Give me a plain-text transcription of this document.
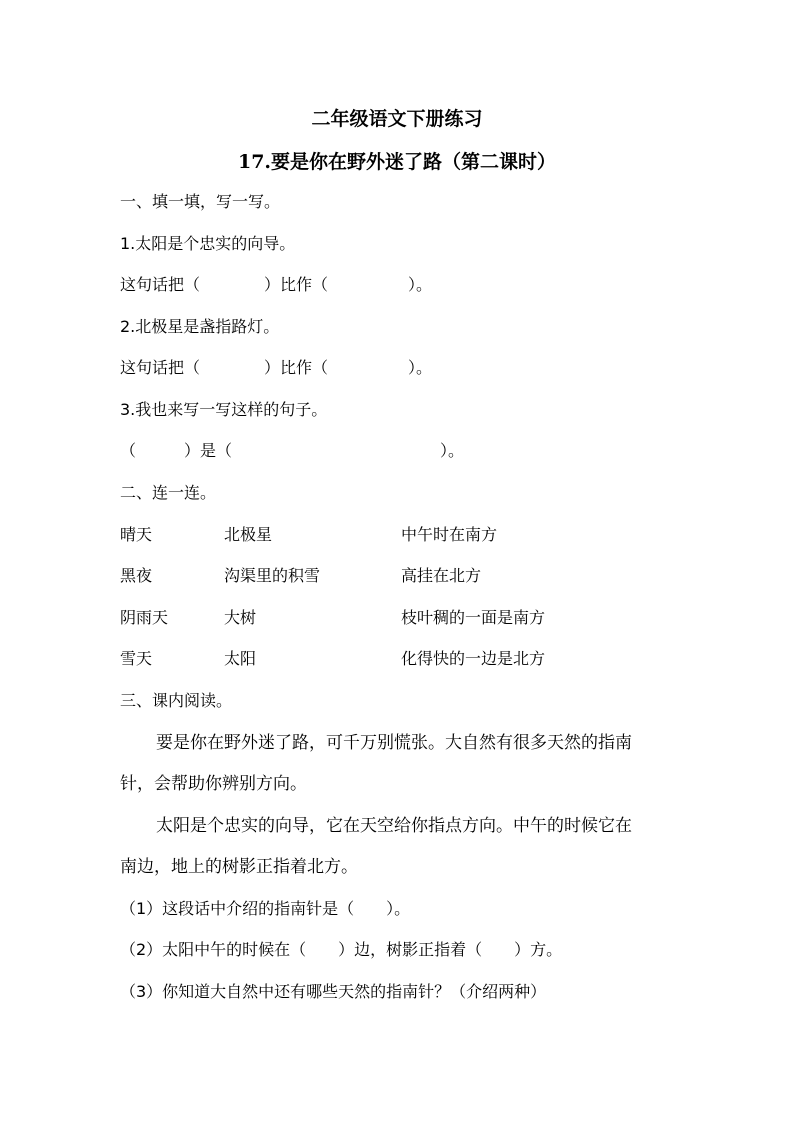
二年级语文下册练习
17.要是你在野外迷了路（第二课时）
一、填一填，写一写。
1.太阳是个忠实的向导。
这句话把（　　　　）比作（　　　　　）。
2.北极星是盏指路灯。
这句话把（　　　　）比作（　　　　　）。
3.我也来写一写这样的句子。
（　　　）是（　　　　　　　　　　　　　）。
二、连一连。
晴天	北极星	中午时在南方
黑夜	沟渠里的积雪	高挂在北方
阴雨天	大树	枝叶稠的一面是南方
雪天	太阳	化得快的一边是北方
三、课内阅读。
要是你在野外迷了路，可千万别慌张。大自然有很多天然的指南
针，会帮助你辨别方向。
太阳是个忠实的向导，它在天空给你指点方向。中午的时候它在
南边，地上的树影正指着北方。
（1）这段话中介绍的指南针是（　　）。
（2）太阳中午的时候在（　　）边，树影正指着（　　）方。
（3）你知道大自然中还有哪些天然的指南针？（介绍两种）
